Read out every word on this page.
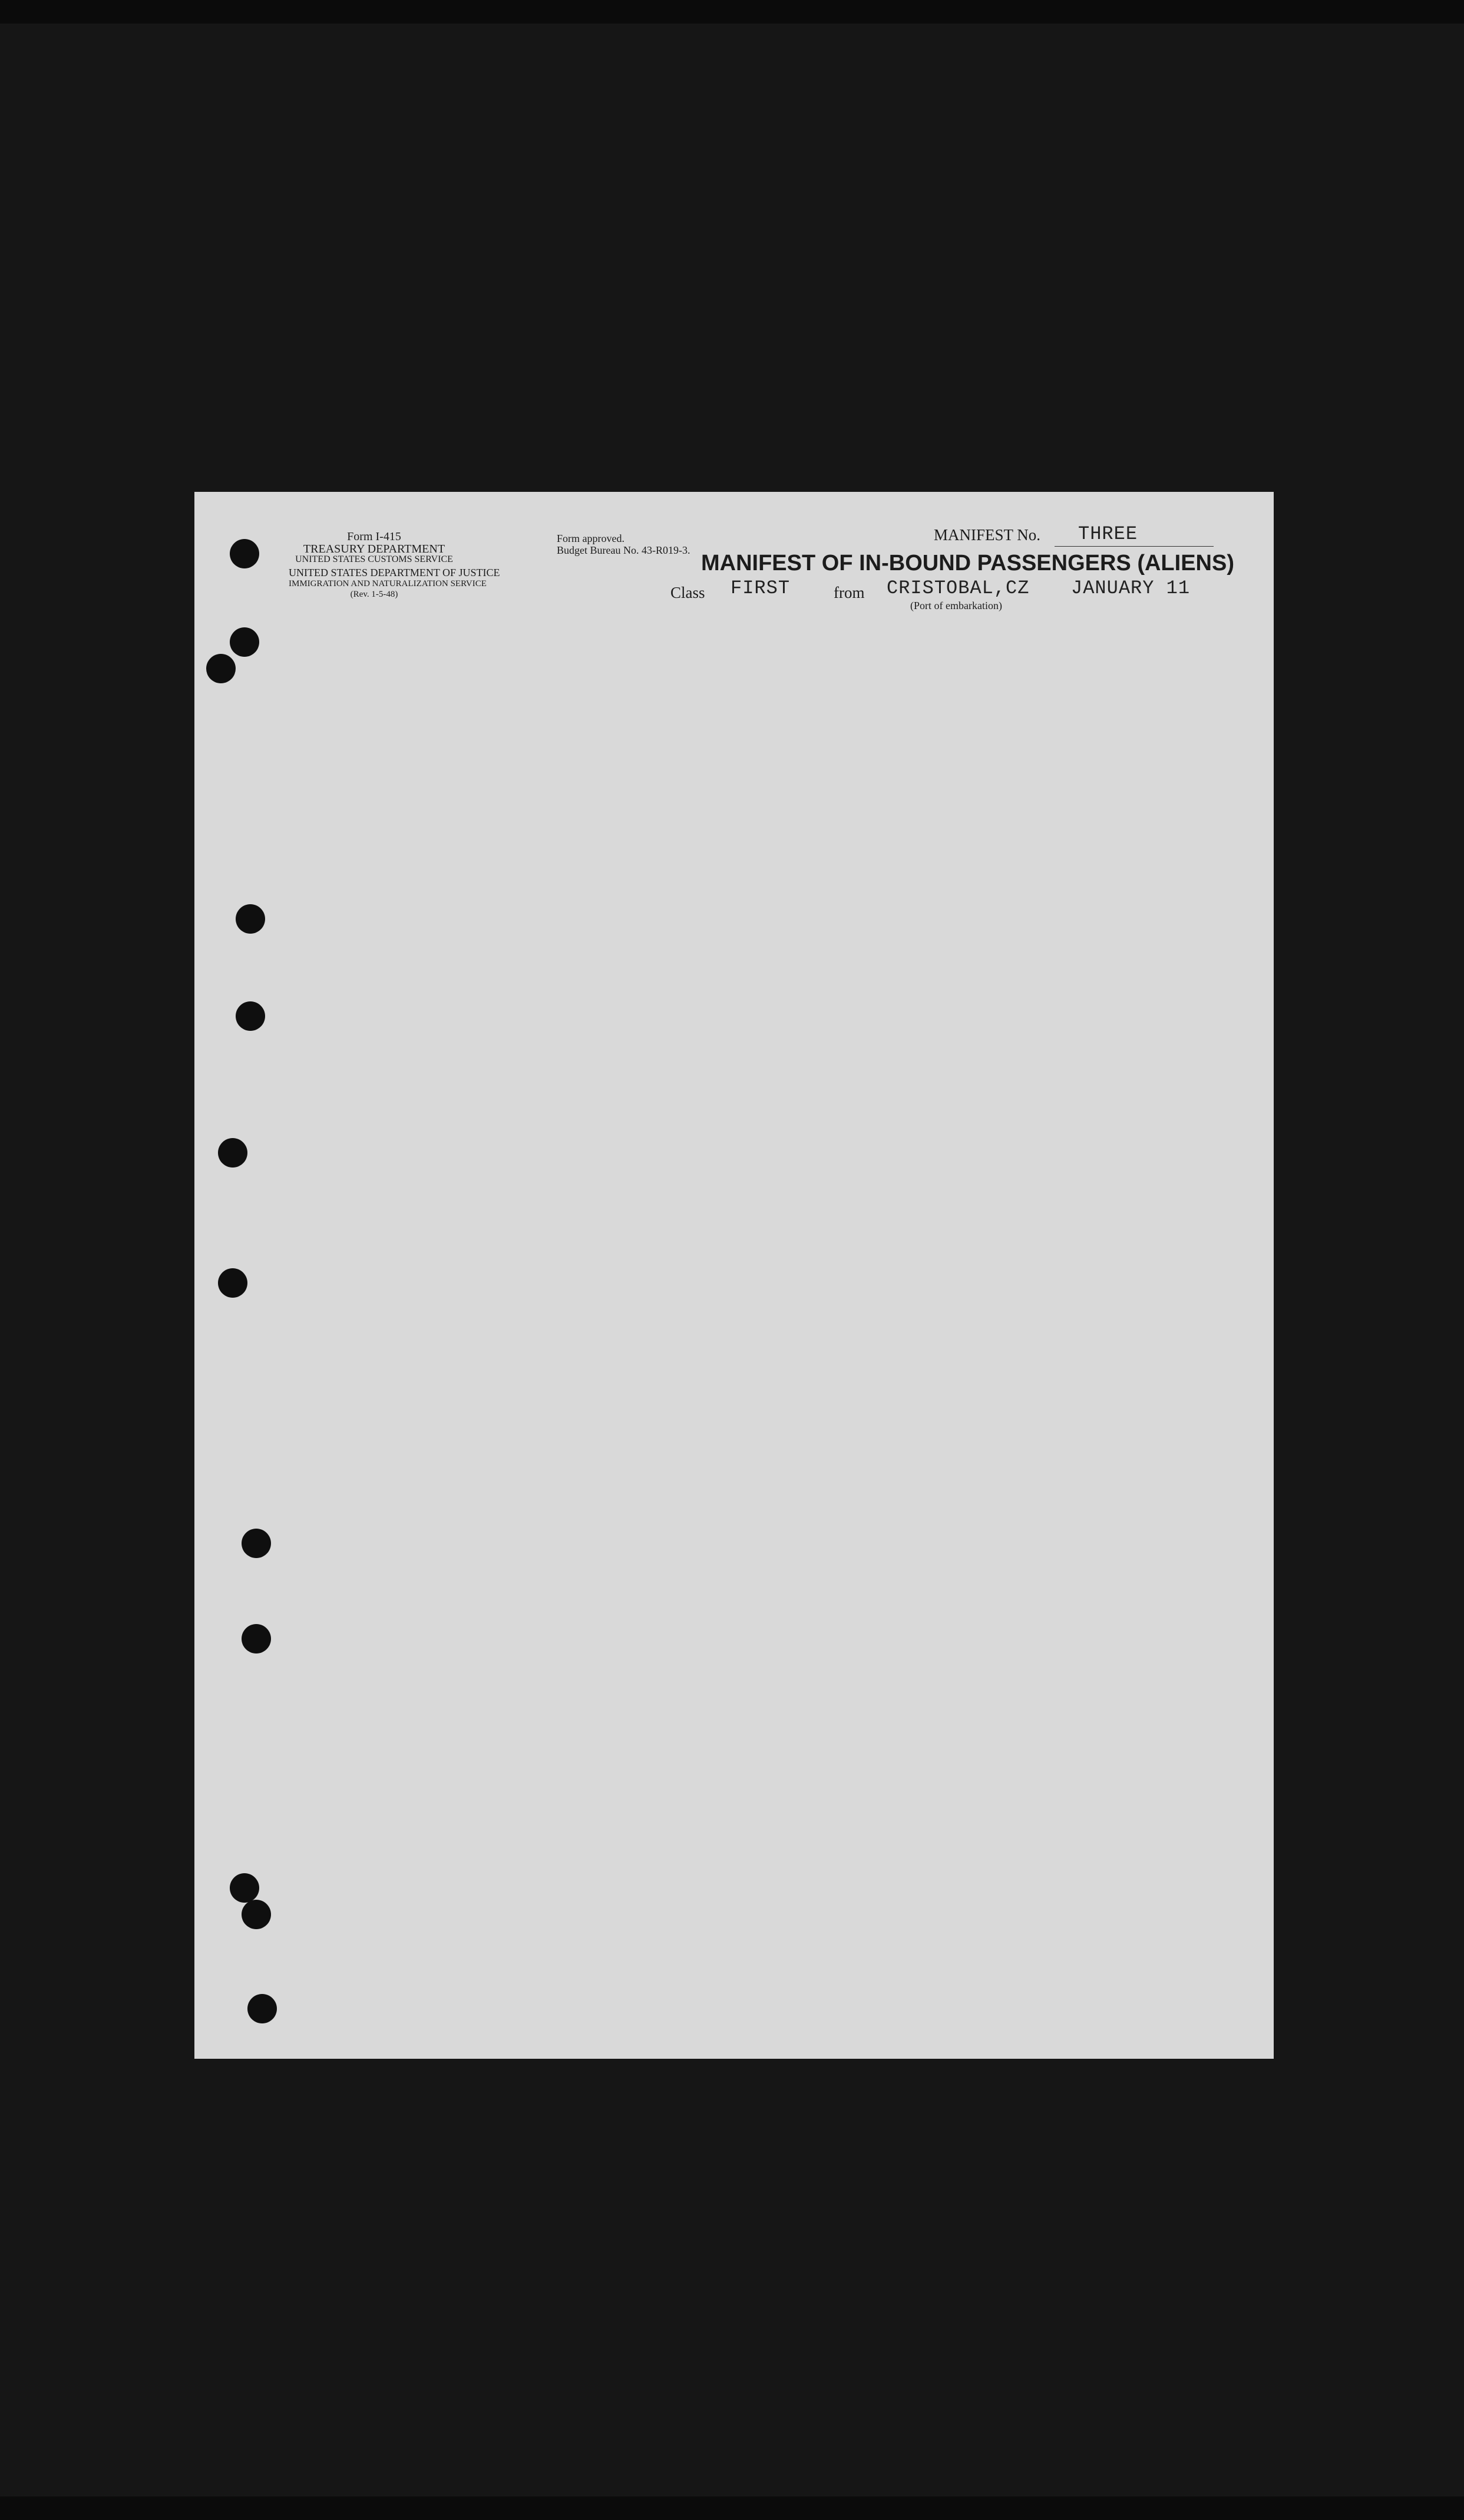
Form I-415
TREASURY DEPARTMENT
UNITED STATES CUSTOMS SERVICE
UNITED STATES DEPARTMENT OF JUSTICE
IMMIGRATION AND NATURALIZATION SERVICE
(Rev. 1-5-48)
Form approved.
Budget Bureau No. 43-R019-3.
MANIFEST No. THREE
MANIFEST OF IN-BOUND PASSENGERS (ALIENS)
Class FIRST	from CRISTOBAL,CZ
(Port of embarkation)
JANUARY 11
